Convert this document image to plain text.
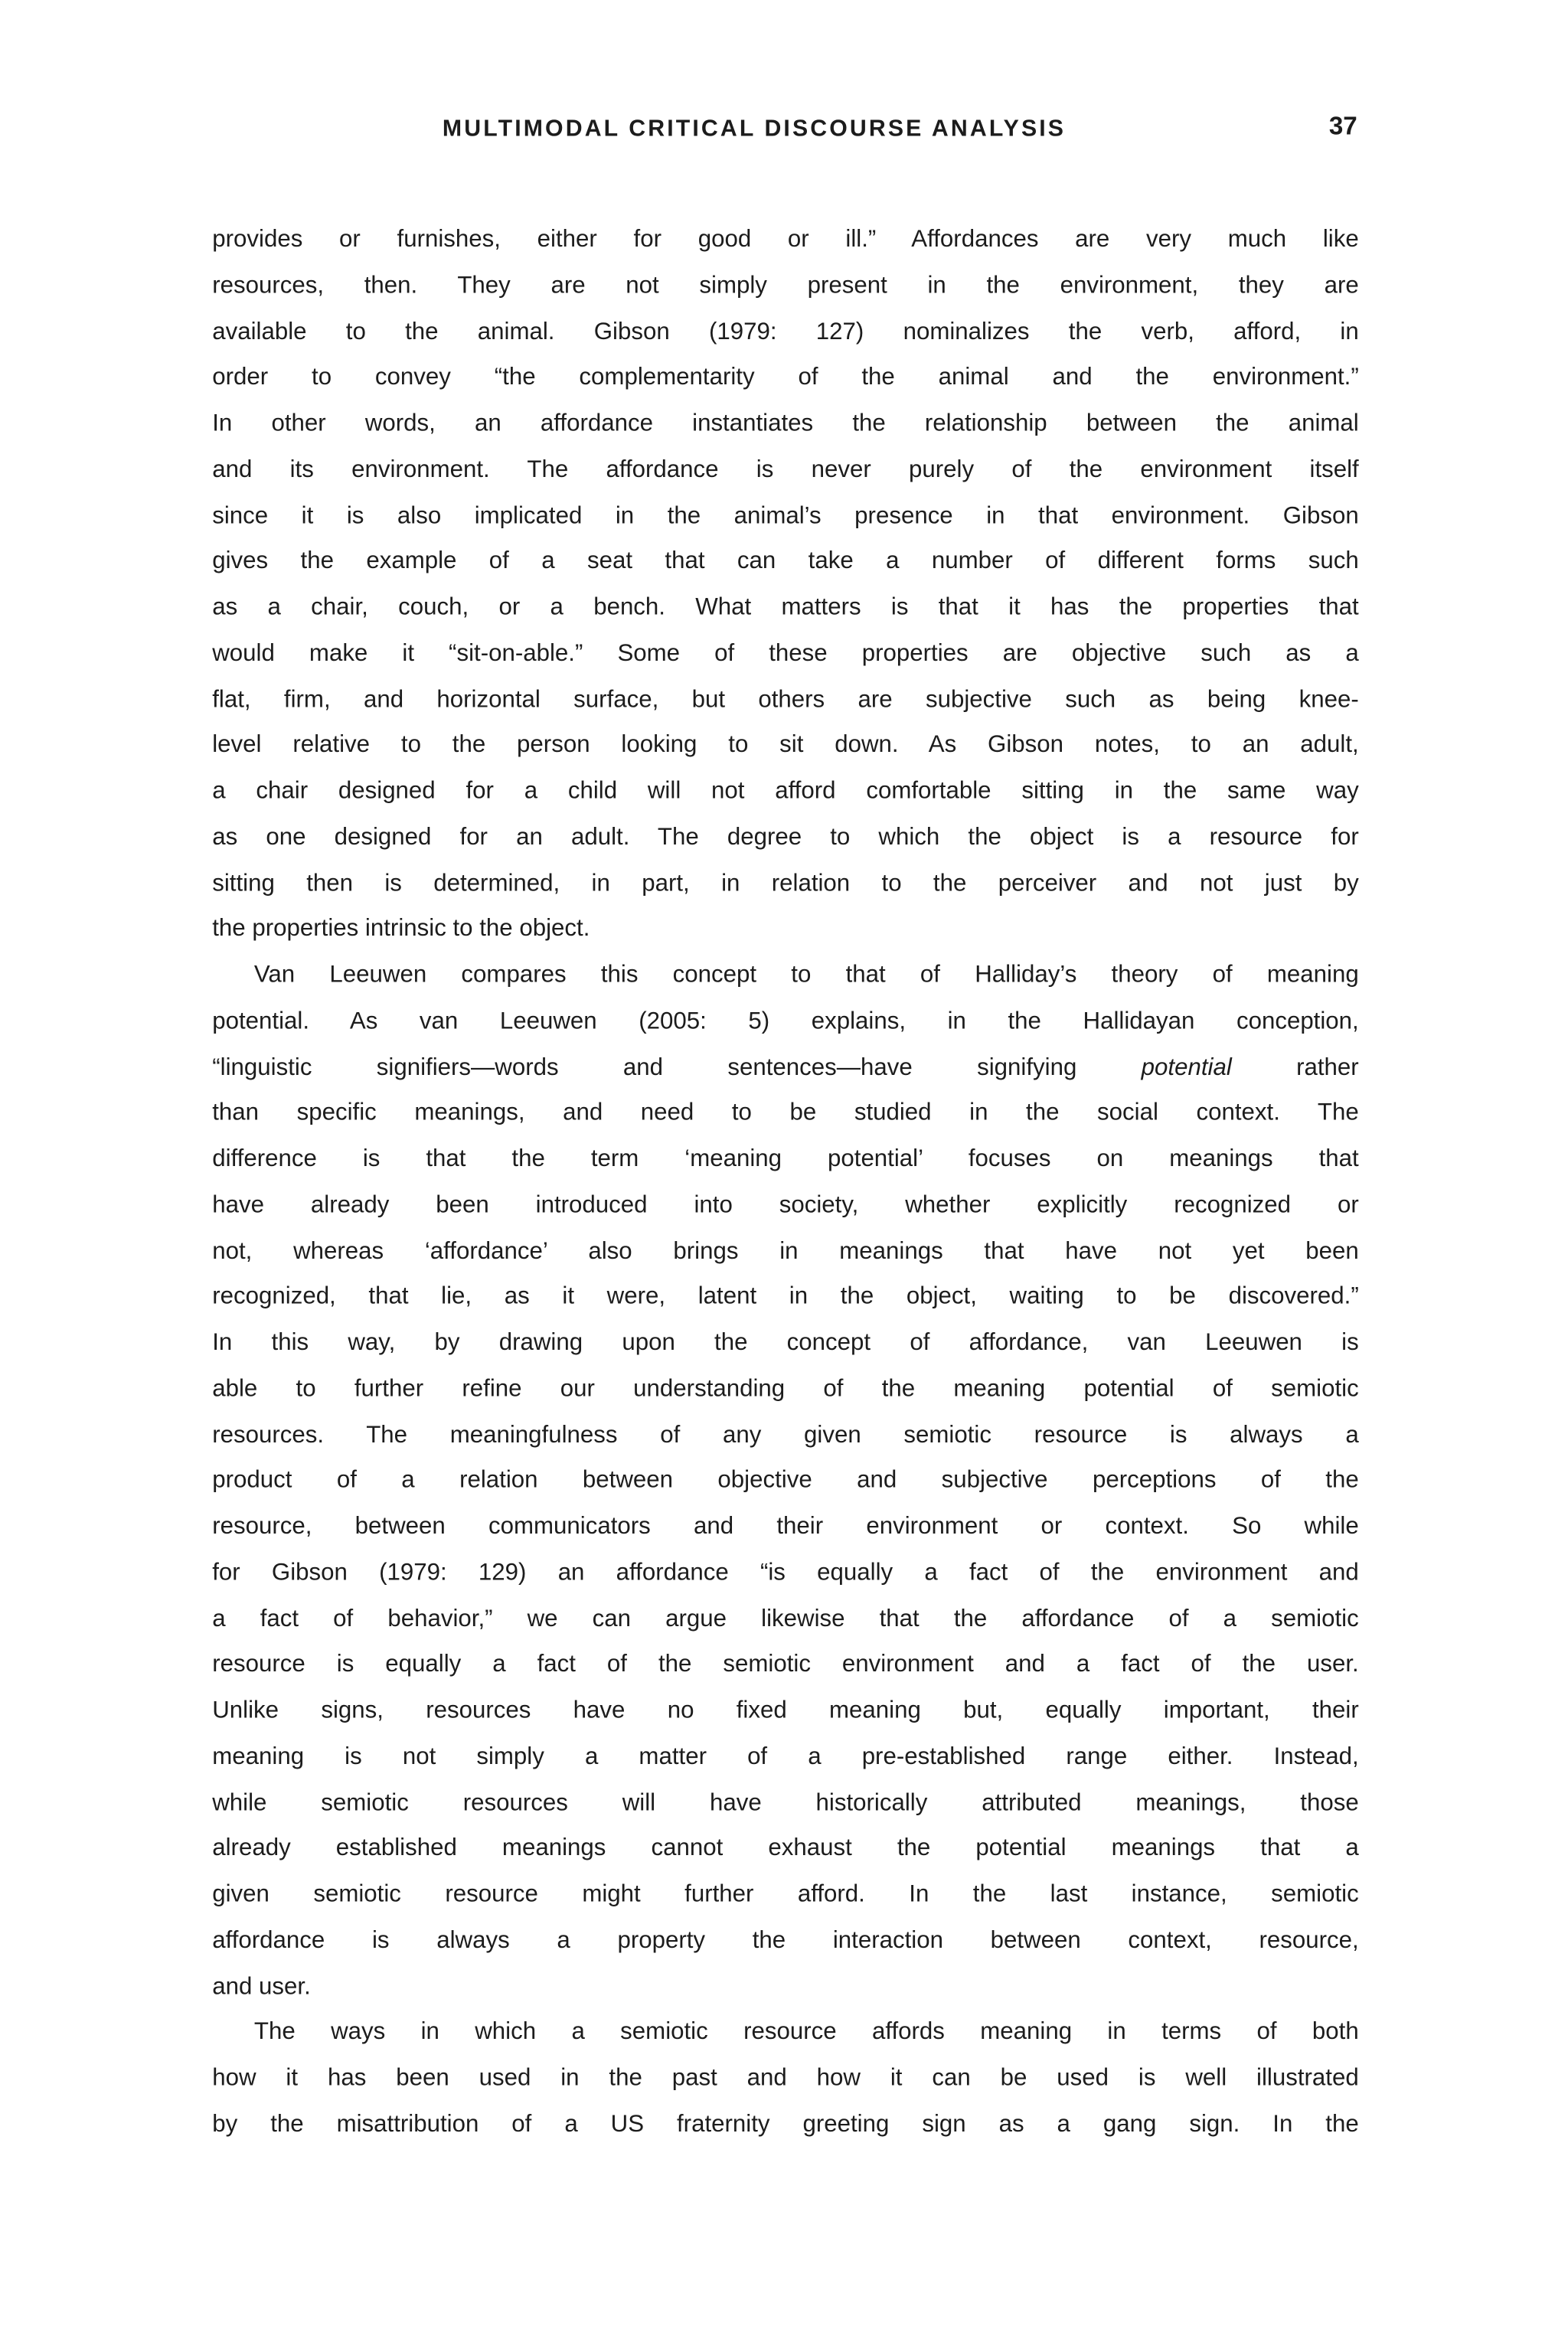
MULTIMODAL CRITICAL DISCOURSE ANALYSIS	37
provides or furnishes, either for good or ill.” Affordances are very much like
resources, then. They are not simply present in the environment, they are
available to the animal. Gibson (1979: 127) nominalizes the verb, afford, in
order to convey “the complementarity of the animal and the environment.”
In other words, an affordance instantiates the relationship between the animal
and its environment. The affordance is never purely of the environment itself
since it is also implicated in the animal’s presence in that environment. Gibson
gives the example of a seat that can take a number of different forms such
as a chair, couch, or a bench. What matters is that it has the properties that
would make it “sit-on-able.” Some of these properties are objective such as a
flat, firm, and horizontal surface, but others are subjective such as being knee-
level relative to the person looking to sit down. As Gibson notes, to an adult,
a chair designed for a child will not afford comfortable sitting in the same way
as one designed for an adult. The degree to which the object is a resource for
sitting then is determined, in part, in relation to the perceiver and not just by
the properties intrinsic to the object.
Van Leeuwen compares this concept to that of Halliday’s theory of meaning
potential. As van Leeuwen (2005: 5) explains, in the Hallidayan conception,
“linguistic signifiers—words and sentences—have signifying potential rather
than specific meanings, and need to be studied in the social context. The
difference is that the term ‘meaning potential’ focuses on meanings that
have already been introduced into society, whether explicitly recognized or
not, whereas ‘affordance’ also brings in meanings that have not yet been
recognized, that lie, as it were, latent in the object, waiting to be discovered.”
In this way, by drawing upon the concept of affordance, van Leeuwen is
able to further refine our understanding of the meaning potential of semiotic
resources. The meaningfulness of any given semiotic resource is always a
product of a relation between objective and subjective perceptions of the
resource, between communicators and their environment or context. So while
for Gibson (1979: 129) an affordance “is equally a fact of the environment and
a fact of behavior,” we can argue likewise that the affordance of a semiotic
resource is equally a fact of the semiotic environment and a fact of the user.
Unlike signs, resources have no fixed meaning but, equally important, their
meaning is not simply a matter of a pre-established range either. Instead,
while semiotic resources will have historically attributed meanings, those
already established meanings cannot exhaust the potential meanings that a
given semiotic resource might further afford. In the last instance, semiotic
affordance is always a property the interaction between context, resource,
and user.
The ways in which a semiotic resource affords meaning in terms of both
how it has been used in the past and how it can be used is well illustrated
by the misattribution of a US fraternity greeting sign as a gang sign. In the
